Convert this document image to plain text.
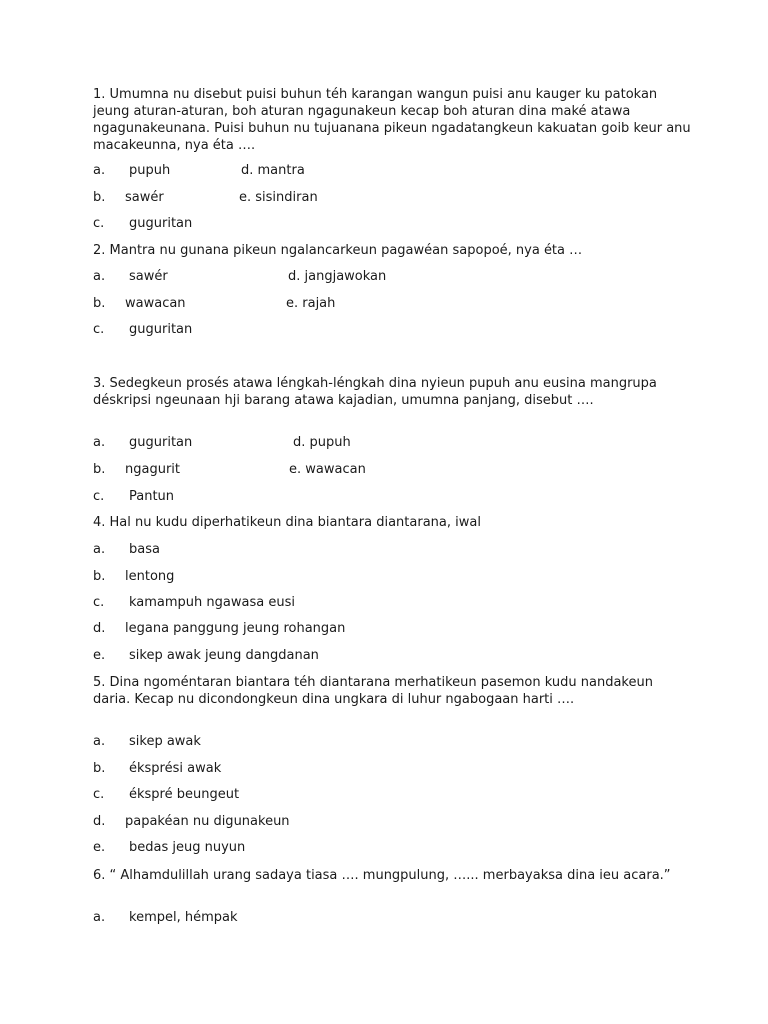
1. Umumna nu disebut puisi buhun téh karangan wangun puisi anu kauger ku patokan jeung aturan-aturan, boh aturan ngagunakeun kecap boh aturan dina maké atawa ngagunakeunana. Puisi buhun nu tujuanana pikeun ngadatangkeun kakuatan goib keur anu macakeunna, nya éta ….
a. pupuh	d. mantra
b. sawér	e. sisindiran
c. guguritan
2. Mantra nu gunana pikeun ngalancarkeun pagawéan sapopoé, nya éta …
a. sawér	d. jangjawokan
b. wawacan	e. rajah
c. guguritan
3. Sedegkeun prosés atawa léngkah-léngkah dina nyieun pupuh anu eusina mangrupa déskripsi ngeunaan hji barang atawa kajadian, umumna panjang, disebut ….
a. guguritan	d. pupuh
b. ngagurit	e. wawacan
c. Pantun
4. Hal nu kudu diperhatikeun dina biantara diantarana, iwal
a. basa
b. lentong
c. kamampuh ngawasa eusi
d. legana panggung jeung rohangan
e. sikep awak jeung dangdanan
5. Dina ngoméntaran biantara téh diantarana merhatikeun pasemon kudu nandakeun daria. Kecap nu dicondongkeun dina ungkara di luhur ngabogaan harti ….
a. sikep awak
b. éksprési awak
c. ékspré beungeut
d. papakéan nu digunakeun
e. bedas jeug nuyun
6. “ Alhamdulillah urang sadaya tiasa …. mungpulung, …... merbayaksa dina ieu acara.”
a. kempel, hémpak
